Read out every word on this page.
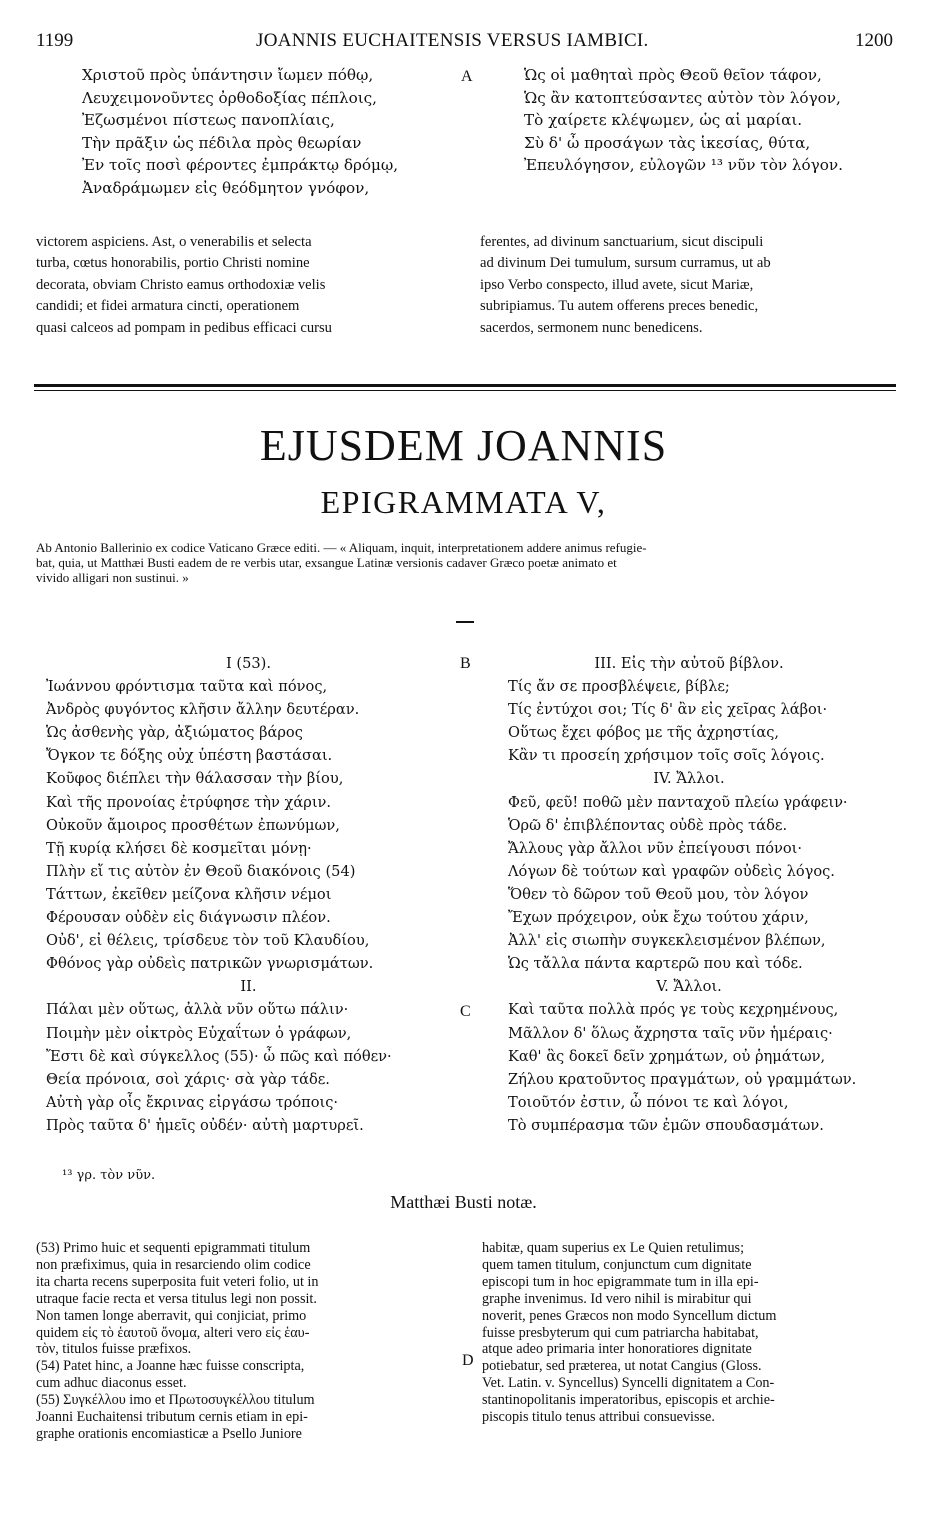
1199	JOANNIS EUCHAITENSIS VERSUS IAMBICI.	1200
Χριστοῦ πρὸς ὑπάντησιν ἴωμεν πόθῳ,
Λευχειμονοῦντες ὀρθοδοξίας πέπλοις,
Ἐζωσμένοι πίστεως πανοπλίαις,
Τὴν πρᾶξιν ὡς πέδιλα πρὸς θεωρίαν
Ἐν τοῖς ποσὶ φέροντες ἐμπράκτῳ δρόμῳ,
Ἀναδράμωμεν εἰς θεόδμητον γνόφον,
A	Ὡς οἱ μαθηταὶ πρὸς Θεοῦ θεῖον τάφον,
Ὡς ἂν κατοπτεύσαντες αὐτὸν τὸν λόγον,
Τὸ χαίρετε κλέψωμεν, ὡς αἱ μαρίαι.
Σὺ δ' ὦ προσάγων τὰς ἱκεσίας, θύτα,
Ἐπευλόγησον, εὐλογῶν ¹³ νῦν τὸν λόγον.
victorem aspiciens. Ast, o venerabilis et selecta
turba, cœtus honorabilis, portio Christi nomine
decorata, obviam Christo eamus orthodoxiæ velis
candidi; et fidei armatura cincti, operationem
quasi calceos ad pompam in pedibus efficaci cursu
ferentes, ad divinum sanctuarium, sicut discipuli
ad divinum Dei tumulum, sursum curramus, ut ab
ipso Verbo conspecto, illud avete, sicut Mariæ,
subripiamus. Tu autem offerens preces benedic,
sacerdos, sermonem nunc benedicens.
EJUSDEM JOANNIS
EPIGRAMMATA V,
Ab Antonio Ballerinio ex codice Vaticano Græce editi. — « Aliquam, inquit, interpretationem addere animus refugie-
bat, quia, ut Matthæi Busti eadem de re verbis utar, exsangue Latinæ versionis cadaver Græco poetæ animato et
vivido alligari non sustinui. »
I (53).
Ἰωάννου φρόντισμα ταῦτα καὶ πόνος,
Ἀνδρὸς φυγόντος κλῆσιν ἄλλην δευτέραν.
Ὡς ἀσθενὴς γὰρ, ἀξιώματος βάρος
Ὄγκον τε δόξης οὐχ ὑπέστη βαστάσαι.
Κοῦφος διέπλει τὴν θάλασσαν τὴν βίου,
Καὶ τῆς προνοίας ἐτρύφησε τὴν χάριν.
Οὐκοῦν ἄμοιρος προσθέτων ἐπωνύμων,
Τῇ κυρίᾳ κλήσει δὲ κοσμεῖται μόνῃ·
Πλὴν εἴ τις αὐτὸν ἐν Θεοῦ διακόνοις (54)
Τάττων, ἐκεῖθεν μείζονα κλῆσιν νέμοι
Φέρουσαν οὐδὲν εἰς διάγνωσιν πλέον.
Οὐδ', εἰ θέλεις, τρίσδευε τὸν τοῦ Κλαυδίου,
Φθόνος γὰρ οὐδεὶς πατρικῶν γνωρισμάτων.
II.
Πάλαι μὲν οὕτως, ἀλλὰ νῦν οὕτω πάλιν·
Ποιμὴν μὲν οἰκτρὸς Εὐχαΐτων ὁ γράφων,
Ἔστι δὲ καὶ σύγκελλος (55)· ὦ πῶς καὶ πόθεν·
Θεία πρόνοια, σοὶ χάρις· σὰ γὰρ τάδε.
Αὐτὴ γὰρ οἷς ἔκρινας εἰργάσω τρόποις·
Πρὸς ταῦτα δ' ἡμεῖς οὐδέν· αὐτὴ μαρτυρεῖ.
B
C
III. Εἰς τὴν αὐτοῦ βίβλον.
Τίς ἄν σε προσβλέψειε, βίβλε;
Τίς ἐντύχοι σοι; Τίς δ' ἂν εἰς χεῖρας λάβοι·
Οὕτως ἔχει φόβος με τῆς ἀχρηστίας,
Κἂν τι προσείη χρήσιμον τοῖς σοῖς λόγοις.
IV. Ἄλλοι.
Φεῦ, φεῦ! ποθῶ μὲν πανταχοῦ πλείω γράφειν·
Ὁρῶ δ' ἐπιβλέποντας οὐδὲ πρὸς τάδε.
Ἄλλους γὰρ ἄλλοι νῦν ἐπείγουσι πόνοι·
Λόγων δὲ τούτων καὶ γραφῶν οὐδεὶς λόγος.
Ὅθεν τὸ δῶρον τοῦ Θεοῦ μου, τὸν λόγον
Ἔχων πρόχειρον, οὐκ ἔχω τούτου χάριν,
Ἀλλ' εἰς σιωπὴν συγκεκλεισμένον βλέπων,
Ὡς τἄλλα πάντα καρτερῶ που καὶ τόδε.
V. Ἄλλοι.
Καὶ ταῦτα πολλὰ πρός γε τοὺς κεχρημένους,
Μᾶλλον δ' ὅλως ἄχρηστα ταῖς νῦν ἡμέραις·
Καθ' ἃς δοκεῖ δεῖν χρημάτων, οὐ ῥημάτων,
Ζήλου κρατοῦντος πραγμάτων, οὐ γραμμάτων.
Τοιοῦτόν ἐστιν, ὦ πόνοι τε καὶ λόγοι,
Τὸ συμπέρασμα τῶν ἐμῶν σπουδασμάτων.
¹³ γρ. τὸν νῦν.
Matthæi Busti notæ.
(53) Primo huic et sequenti epigrammati titulum
non præfiximus, quia in resarciendo olim codice
ita charta recens superposita fuit veteri folio, ut in
utraque facie recta et versa titulus legi non possit.
Non tamen longe aberravit, qui conjiciat, primo
quidem εἰς τὸ ἑαυτοῦ ὄνομα, alteri vero εἰς ἑαυ-
τὸν, titulos fuisse præfixos.
(54) Patet hinc, a Joanne hæc fuisse conscripta,
cum adhuc diaconus esset.
(55) Συγκέλλου imo et Πρωτοσυγκέλλου titulum
Joanni Euchaitensi tributum cernis etiam in epi-
graphe orationis encomiasticæ a Psello Juniore
D
habitæ, quam superius ex Le Quien retulimus;
quem tamen titulum, conjunctum cum dignitate
episcopi tum in hoc epigrammate tum in illa epi-
graphe invenimus. Id vero nihil is mirabitur qui
noverit, penes Græcos non modo Syncellum dictum
fuisse presbyterum qui cum patriarcha habitabat,
atque adeo primaria inter honoratiores dignitate
potiebatur, sed præterea, ut notat Cangius (Gloss.
Vet. Latin. v. Syncellus) Syncelli dignitatem a Con-
stantinopolitanis imperatoribus, episcopis et archie-
piscopis titulo tenus attribui consuevisse.
